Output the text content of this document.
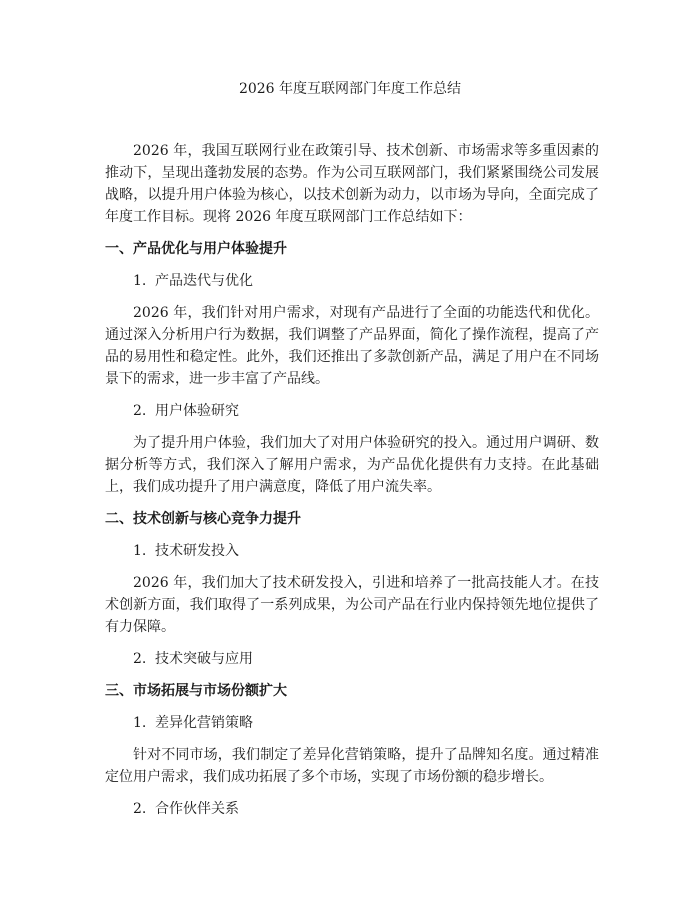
2026 年度互联网部门年度工作总结

2026 年，我国互联网行业在政策引导、技术创新、市场需求等多重因素的推动下，呈现出蓬勃发展的态势。作为公司互联网部门，我们紧紧围绕公司发展战略，以提升用户体验为核心，以技术创新为动力，以市场为导向，全面完成了年度工作目标。现将 2026 年度互联网部门工作总结如下：

一、产品优化与用户体验提升
1. 产品迭代与优化

2026 年，我们针对用户需求，对现有产品进行了全面的功能迭代和优化。通过深入分析用户行为数据，我们调整了产品界面，简化了操作流程，提高了产品的易用性和稳定性。此外，我们还推出了多款创新产品，满足了用户在不同场景下的需求，进一步丰富了产品线。

2. 用户体验研究

为了提升用户体验，我们加大了对用户体验研究的投入。通过用户调研、数据分析等方式，我们深入了解用户需求，为产品优化提供有力支持。在此基础上，我们成功提升了用户满意度，降低了用户流失率。

二、技术创新与核心竞争力提升
1. 技术研发投入

2026 年，我们加大了技术研发投入，引进和培养了一批高技能人才。在技术创新方面，我们取得了一系列成果，为公司产品在行业内保持领先地位提供了有力保障。

2. 技术突破与应用
三、市场拓展与市场份额扩大
1. 差异化营销策略

针对不同市场，我们制定了差异化营销策略，提升了品牌知名度。通过精准定位用户需求，我们成功拓展了多个市场，实现了市场份额的稳步增长。

2. 合作伙伴关系
